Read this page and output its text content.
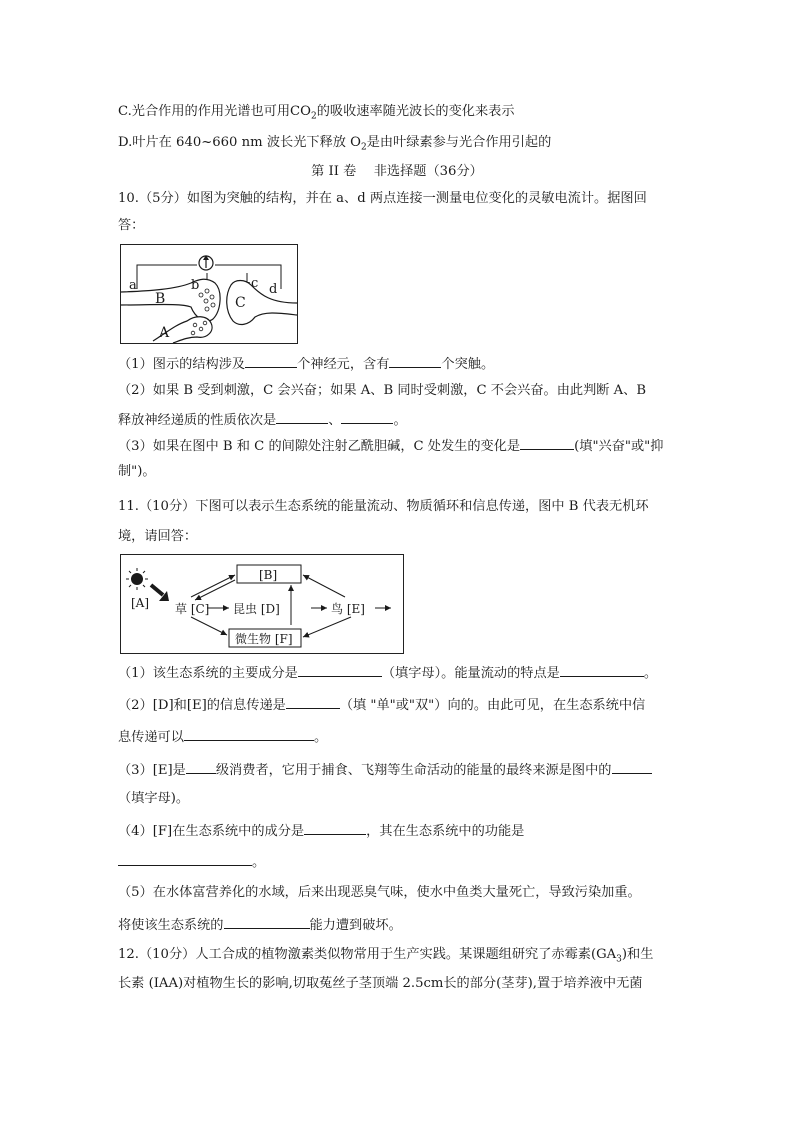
C.光合作用的作用光谱也可用$CO_2$的吸收速率随光波长的变化来表示
D.叶片在 640~660 nm 波长光下释放 $O_2$是由叶绿素参与光合作用引起的
第 II 卷　 非选择题（36分）
10.（5分）如图为突触的结构，并在 a、d 两点连接一测量电位变化的灵敏电流计。据图回
答：
a	b	c d
B	C
A
（1）图示的结构涉及	个神经元，含有	个突触。
（2）如果 B 受到刺激，C 会兴奋；如果 A、B 同时受刺激，C 不会兴奋。由此判断 A、B
释放神经递质的性质依次是	、	。
（3）如果在图中 B 和 C 的间隙处注射乙酰胆碱，C 处发生的变化是	(填"兴奋"或"抑
制")。
11.（10分）下图可以表示生态系统的能量流动、物质循环和信息传递，图中 B 代表无机环
境，请回答：
[A]
[B]
草 [C] 昆虫 [D]	鸟 [E]
微生物 [F]
（1）该生态系统的主要成分是	（填字母）。能量流动的特点是	。
（2）[D]和[E]的信息传递是	（填 "单"或"双"）向的。由此可见，在生态系统中信
息传递可以	。
（3）[E]是 级消费者，它用于捕食、飞翔等生命活动的能量的最终来源是图中的
（填字母)。
（4）[F]在生态系统中的成分是	，其在生态系统中的功能是
。
（5）在水体富营养化的水域，后来出现恶臭气味，使水中鱼类大量死亡，导致污染加重。
将使该生态系统的	能力遭到破坏。
12.（10分）人工合成的植物激素类似物常用于生产实践。某课题组研究了赤霉素$(GA_3)$和生
长素 (IAA)对植物生长的影响,切取菟丝子茎顶端 2.5cm长的部分(茎芽),置于培养液中无菌
